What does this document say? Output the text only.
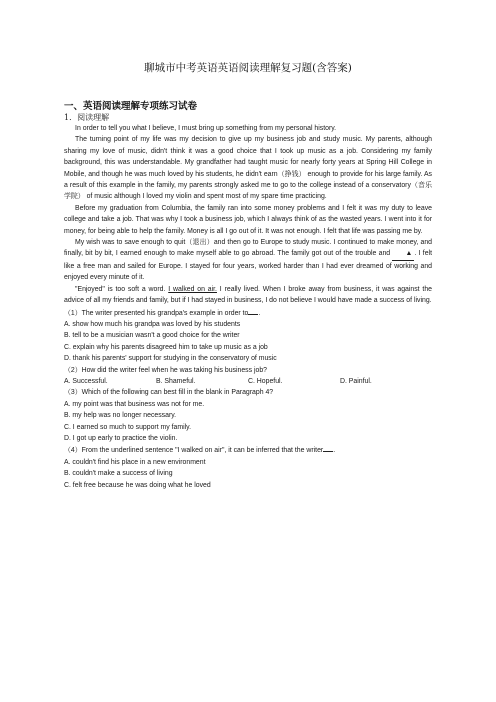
聊城市中考英语英语阅读理解复习题(含答案)
一、英语阅读理解专项练习试卷
1．阅读理解

In order to tell you what I believe, I must bring up something from my personal history.

The turning point of my life was my decision to give up my business job and study music. My parents, although sharing my love of music, didn't think it was a good choice that I took up music as a job. Considering my family background, this was understandable. My grandfather had taught music for nearly forty years at Spring Hill College in Mobile, and though he was much loved by his students, he didn't earn（挣钱） enough to provide for his large family. As a result of this example in the family, my parents strongly asked me to go to the college instead of a conservatory（音乐学院） of music although I loved my violin and spent most of my spare time practicing.

Before my graduation from Columbia, the family ran into some money problems and I felt it was my duty to leave college and take a job. That was why I took a business job, which I always think of as the wasted years. I went into it for money, for being able to help the family. Money is all I go out of it. It was not enough. I felt that life was passing me by.

My wish was to save enough to quit（退出）and then go to Europe to study music. I continued to make money, and finally, bit by bit, I earned enough to make myself able to go abroad. The family got out of the trouble and ▲ . I felt like a free man and sailed for Europe. I stayed for four years, worked harder than I had ever dreamed of working and enjoyed every minute of it.

"Enjoyed" is too soft a word. I walked on air. I really lived. When I broke away from business, it was against the advice of all my friends and family, but if I had stayed in business, I do not believe I would have made a success of living.

（1）The writer presented his grandpa's example in order to .
A. show how much his grandpa was loved by his students
B. tell to be a musician wasn't a good choice for the writer
C. explain why his parents disagreed him to take up music as a job
D. thank his parents' support for studying in the conservatory of music
（2）How did the writer feel when he was taking his business job?
A. Successful.	B. Shameful.	C. Hopeful.	D. Painful.
（3）Which of the following can best fill in the blank in Paragraph 4?
A. my point was that business was not for me.
B. my help was no longer necessary.
C. I earned so much to support my family.
D. I got up early to practice the violin.
（4）From the underlined sentence "I walked on air", it can be inferred that the writer .
A. couldn't find his place in a new environment
B. couldn't make a success of living
C. felt free because he was doing what he loved
